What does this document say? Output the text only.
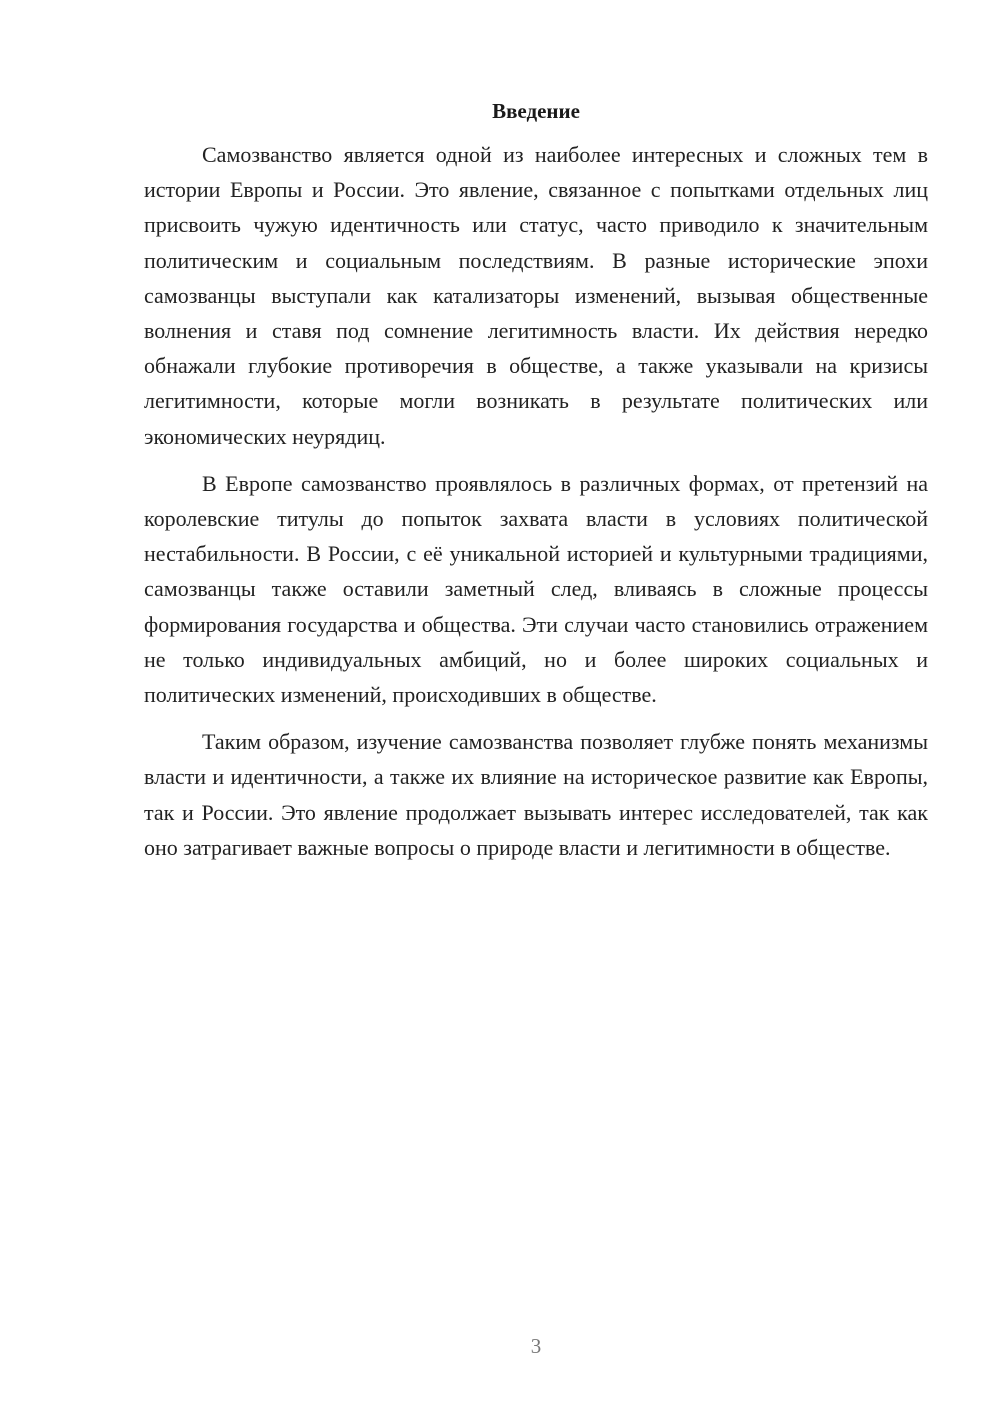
Введение

Самозванство является одной из наиболее интересных и сложных тем в истории Европы и России. Это явление, связанное с попытками отдельных лиц присвоить чужую идентичность или статус, часто приводило к значительным политическим и социальным последствиям. В разные исторические эпохи самозванцы выступали как катализаторы изменений, вызывая общественные волнения и ставя под сомнение легитимность власти. Их действия нередко обнажали глубокие противоречия в обществе, а также указывали на кризисы легитимности, которые могли возникать в результате политических или экономических неурядиц.

В Европе самозванство проявлялось в различных формах, от претензий на королевские титулы до попыток захвата власти в условиях политической нестабильности. В России, с её уникальной историей и культурными традициями, самозванцы также оставили заметный след, вливаясь в сложные процессы формирования государства и общества. Эти случаи часто становились отражением не только индивидуальных амбиций, но и более широких социальных и политических изменений, происходивших в обществе.

Таким образом, изучение самозванства позволяет глубже понять механизмы власти и идентичности, а также их влияние на историческое развитие как Европы, так и России. Это явление продолжает вызывать интерес исследователей, так как оно затрагивает важные вопросы о природе власти и легитимности в обществе.

3
